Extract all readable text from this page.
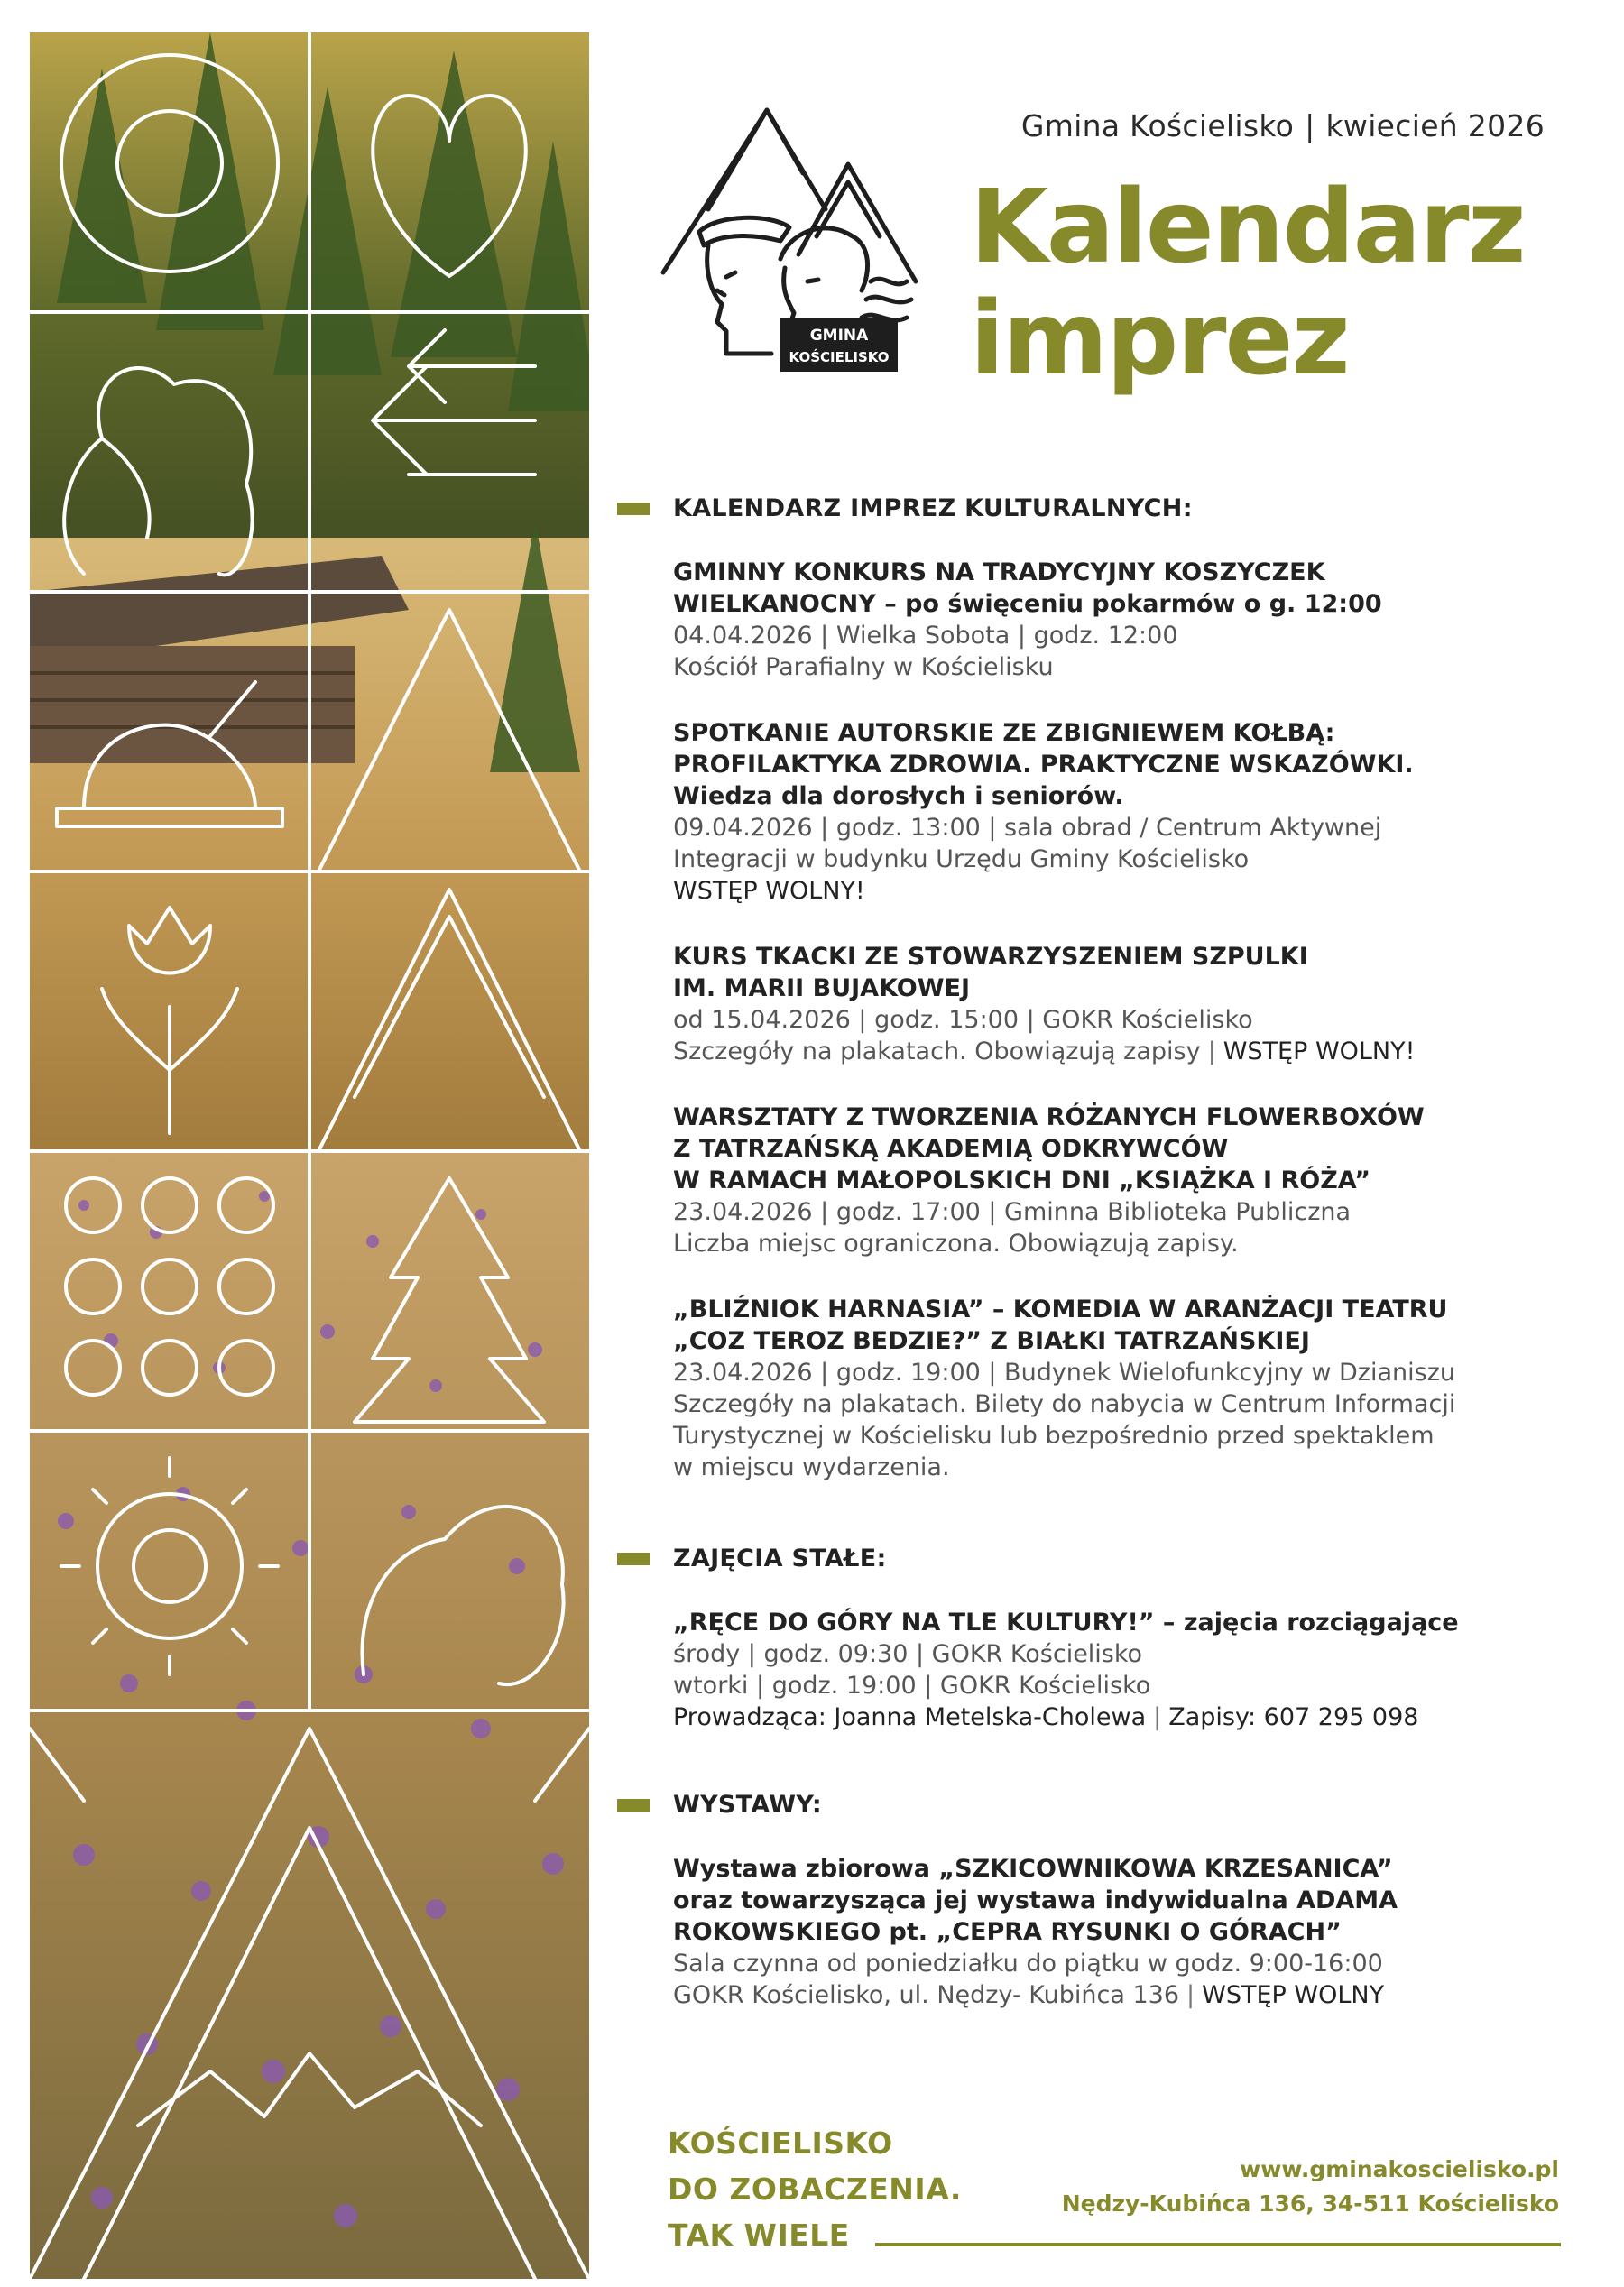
GMINA
KOŚCIELISKO
Gmina Kościelisko | kwiecień 2026
Kalendarz
imprez
KALENDARZ IMPREZ KULTURALNYCH:
GMINNY KONKURS NA TRADYCYJNY KOSZYCZEK
WIELKANOCNY – po święceniu pokarmów o g. 12:00
04.04.2026 | Wielka Sobota | godz. 12:00
Kościół Parafialny w Kościelisku
SPOTKANIE AUTORSKIE ZE ZBIGNIEWEM KOŁBĄ:
PROFILAKTYKA ZDROWIA. PRAKTYCZNE WSKAZÓWKI.
Wiedza dla dorosłych i seniorów.
09.04.2026 | godz. 13:00 | sala obrad / Centrum Aktywnej
Integracji w budynku Urzędu Gminy Kościelisko
WSTĘP WOLNY!
KURS TKACKI ZE STOWARZYSZENIEM SZPULKI
IM. MARII BUJAKOWEJ
od 15.04.2026 | godz. 15:00 | GOKR Kościelisko
Szczegóły na plakatach. Obowiązują zapisy | WSTĘP WOLNY!
WARSZTATY Z TWORZENIA RÓŻANYCH FLOWERBOXÓW
Z TATRZAŃSKĄ AKADEMIĄ ODKRYWCÓW
W RAMACH MAŁOPOLSKICH DNI „KSIĄŻKA I RÓŻA”
23.04.2026 | godz. 17:00 | Gminna Biblioteka Publiczna
Liczba miejsc ograniczona. Obowiązują zapisy.
„BLIŹNIOK HARNASIA” – KOMEDIA W ARANŻACJI TEATRU
„COZ TEROZ BEDZIE?” Z BIAŁKI TATRZAŃSKIEJ
23.04.2026 | godz. 19:00 | Budynek Wielofunkcyjny w Dzianiszu
Szczegóły na plakatach. Bilety do nabycia w Centrum Informacji
Turystycznej w Kościelisku lub bezpośrednio przed spektaklem
w miejscu wydarzenia.
ZAJĘCIA STAŁE:
„RĘCE DO GÓRY NA TLE KULTURY!” – zajęcia rozciągające
środy | godz. 09:30 | GOKR Kościelisko
wtorki | godz. 19:00 | GOKR Kościelisko
Prowadząca: Joanna Metelska-Cholewa | Zapisy: 607 295 098
WYSTAWY:
Wystawa zbiorowa „SZKICOWNIKOWA KRZESANICA”
oraz towarzysząca jej wystawa indywidualna ADAMA
ROKOWSKIEGO pt. „CEPRA RYSUNKI O GÓRACH”
Sala czynna od poniedziałku do piątku w godz. 9:00-16:00
GOKR Kościelisko, ul. Nędzy- Kubińca 136 | WSTĘP WOLNY
KOŚCIELISKO
DO ZOBACZENIA.
TAK WIELE
www.gminakoscielisko.pl
Nędzy-Kubińca 136, 34-511 Kościelisko
